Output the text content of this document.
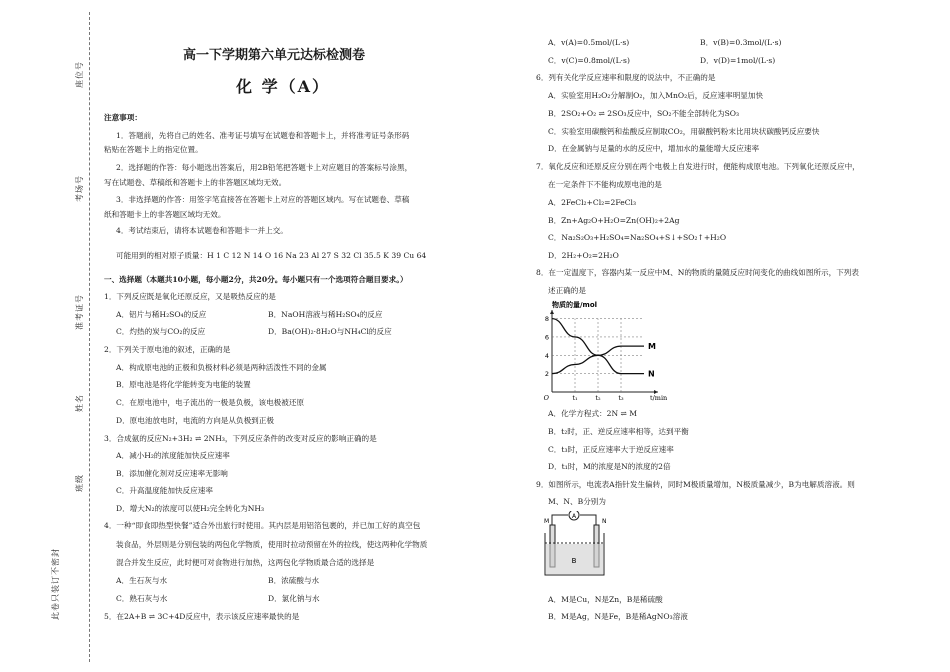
班级
姓名
准考证号
考场号
座位号
此卷只装订不密封
高一下学期第六单元达标检测卷
化 学（A）
注意事项：
1．答题前，先将自己的姓名、准考证号填写在试题卷和答题卡上，并将准考证号条形码
粘贴在答题卡上的指定位置。
2．选择题的作答：每小题选出答案后，用2B铅笔把答题卡上对应题目的答案标号涂黑，
写在试题卷、草稿纸和答题卡上的非答题区域均无效。
3．非选择题的作答：用签字笔直接答在答题卡上对应的答题区域内。写在试题卷、草稿
纸和答题卡上的非答题区域均无效。
4．考试结束后，请将本试题卷和答题卡一并上交。
可能用到的相对原子质量：H 1 C 12 N 14 O 16 Na 23 Al 27 S 32 Cl 35.5 K 39 Cu 64
一、选择题（本题共10小题，每小题2分，共20分。每小题只有一个选项符合题目要求。）
1．下列反应既是氧化还原反应，又是吸热反应的是
A．铝片与稀H₂SO₄的反应	B．NaOH溶液与稀H₂SO₄的反应
C．灼热的炭与CO₂的反应	D．Ba(OH)₂·8H₂O与NH₄Cl的反应
2．下列关于原电池的叙述，正确的是
A．构成原电池的正极和负极材料必须是两种活泼性不同的金属
B．原电池是将化学能转变为电能的装置
C．在原电池中，电子流出的一极是负极，该电极被还原
D．原电池放电时，电流的方向是从负极到正极
3．合成氨的反应N₂+3H₂ ⇌ 2NH₃，下列反应条件的改变对反应的影响正确的是
A．减小H₂的浓度能加快反应速率
B．添加催化剂对反应速率无影响
C．升高温度能加快反应速率
D．增大N₂的浓度可以使H₂完全转化为NH₃
4．一种“即食即热型快餐”适合外出旅行时使用。其内层是用铝箔包裹的，并已加工好的真空包
装食品，外层则是分别包装的两包化学物质，使用时拉动预留在外的拉线，使这两种化学物质
混合并发生反应，此时便可对食物进行加热，这两包化学物质最合适的选择是
A．生石灰与水	B．浓硫酸与水
C．熟石灰与水	D．氯化钠与水
5．在2A+B ⇌ 3C+4D反应中，表示该反应速率最快的是
A．v(A)=0.5mol/(L·s)	B．v(B)=0.3mol/(L·s)
C．v(C)=0.8mol/(L·s)	D．v(D)=1mol/(L·s)
6．列有关化学反应速率和限度的说法中，不正确的是
A．实验室用H₂O₂分解制O₂，加入MnO₂后，反应速率明显加快
B．2SO₂+O₂ ⇌ 2SO₃反应中，SO₂不能全部转化为SO₃
C．实验室用碳酸钙和盐酸反应制取CO₂，用碳酸钙粉末比用块状碳酸钙反应要快
D．在金属钠与足量的水的反应中，增加水的量能增大反应速率
7．氧化反应和还原反应分别在两个电极上自发进行时，便能构成原电池。下列氧化还原反应中，
在一定条件下不能构成原电池的是
A．2FeCl₂+Cl₂=2FeCl₃
B．Zn+Ag₂O+H₂O=Zn(OH)₂+2Ag
C．Na₂S₂O₃+H₂SO₄=Na₂SO₄+S↓+SO₂↑+H₂O
D．2H₂+O₂=2H₂O
8．在一定温度下，容器内某一反应中M、N的物质的量随反应时间变化的曲线如图所示，下列表
述正确的是
物质的量/mol
2
4
6
8
t₁	t₂	t₃
O	t/min
M
N
A．化学方程式：2N ⇌ M
B．t₂时，正、逆反应速率相等，达到平衡
C．t₃时，正反应速率大于逆反应速率
D．t₁时，M的浓度是N的浓度的2倍
9．如图所示，电流表A指针发生偏转，同时M极质量增加，N极质量减少，B为电解质溶液。则
M、N、B分别为
A
M	N
B
A．M是Cu，N是Zn，B是稀硫酸
B．M是Ag，N是Fe，B是稀AgNO₃溶液
